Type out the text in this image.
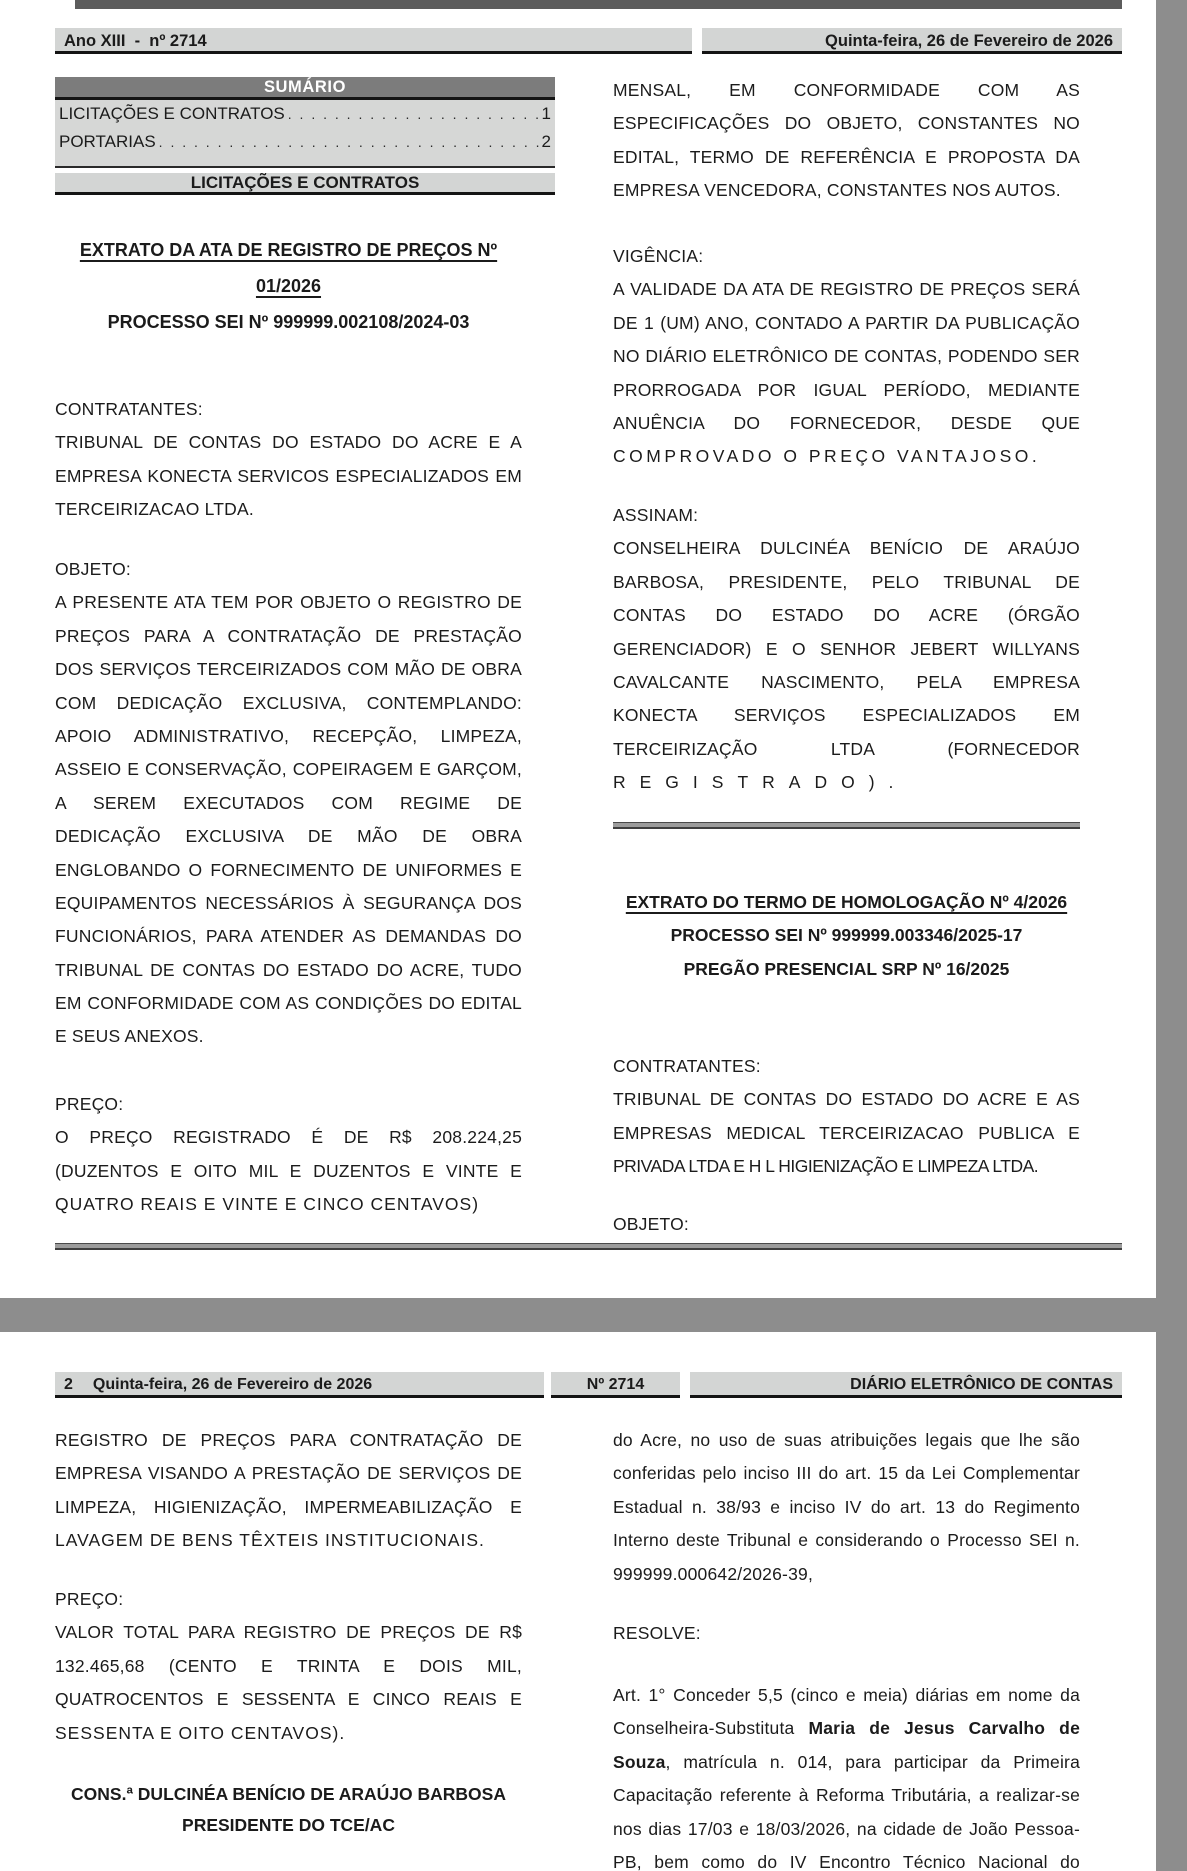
Ano XIII  -  nº 2714	Quinta-feira, 26 de Fevereiro de 2026
SUMÁRIO
LICITAÇÕES E CONTRATOS . . .	1
PORTARIAS . . .	2
LICITAÇÕES E CONTRATOS
EXTRATO DA ATA DE REGISTRO DE PREÇOS Nº
01/2026
PROCESSO SEI Nº 999999.002108/2024-03
CONTRATANTES:
TRIBUNAL DE CONTAS DO ESTADO DO ACRE E A
EMPRESA KONECTA SERVICOS ESPECIALIZADOS EM
TERCEIRIZACAO LTDA.
OBJETO:
A PRESENTE ATA TEM POR OBJETO O REGISTRO DE
PREÇOS PARA A CONTRATAÇÃO DE PRESTAÇÃO
DOS SERVIÇOS TERCEIRIZADOS COM MÃO DE OBRA
COM DEDICAÇÃO EXCLUSIVA, CONTEMPLANDO:
APOIO ADMINISTRATIVO, RECEPÇÃO, LIMPEZA,
ASSEIO E CONSERVAÇÃO, COPEIRAGEM E GARÇOM,
A SEREM EXECUTADOS COM REGIME DE
DEDICAÇÃO EXCLUSIVA DE MÃO DE OBRA
ENGLOBANDO O FORNECIMENTO DE UNIFORMES E
EQUIPAMENTOS NECESSÁRIOS À SEGURANÇA DOS
FUNCIONÁRIOS, PARA ATENDER AS DEMANDAS DO
TRIBUNAL DE CONTAS DO ESTADO DO ACRE, TUDO
EM CONFORMIDADE COM AS CONDIÇÕES DO EDITAL
E SEUS ANEXOS.
PREÇO:
O PREÇO REGISTRADO É DE R$ 208.224,25
(DUZENTOS E OITO MIL E DUZENTOS E VINTE E
QUATRO REAIS E VINTE E CINCO CENTAVOS)
MENSAL, EM CONFORMIDADE COM AS
ESPECIFICAÇÕES DO OBJETO, CONSTANTES NO
EDITAL, TERMO DE REFERÊNCIA E PROPOSTA DA
EMPRESA VENCEDORA, CONSTANTES NOS AUTOS.
VIGÊNCIA:
A VALIDADE DA ATA DE REGISTRO DE PREÇOS SERÁ
DE 1 (UM) ANO, CONTADO A PARTIR DA PUBLICAÇÃO
NO DIÁRIO ELETRÔNICO DE CONTAS, PODENDO SER
PRORROGADA POR IGUAL PERÍODO, MEDIANTE
ANUÊNCIA DO FORNECEDOR, DESDE QUE
COMPROVADO O PREÇO VANTAJOSO.
ASSINAM:
CONSELHEIRA DULCINÉA BENÍCIO DE ARAÚJO
BARBOSA, PRESIDENTE, PELO TRIBUNAL DE
CONTAS DO ESTADO DO ACRE (ÓRGÃO
GERENCIADOR) E O SENHOR JEBERT WILLYANS
CAVALCANTE NASCIMENTO, PELA EMPRESA
KONECTA SERVIÇOS ESPECIALIZADOS EM
TERCEIRIZAÇÃO LTDA (FORNECEDOR
REGISTRADO).
EXTRATO DO TERMO DE HOMOLOGAÇÃO Nº 4/2026
PROCESSO SEI Nº 999999.003346/2025-17
PREGÃO PRESENCIAL SRP Nº 16/2025
CONTRATANTES:
TRIBUNAL DE CONTAS DO ESTADO DO ACRE E AS
EMPRESAS MEDICAL TERCEIRIZACAO PUBLICA E
PRIVADA LTDA E H L HIGIENIZAÇÃO E LIMPEZA LTDA.
OBJETO:
2 Quinta-feira, 26 de Fevereiro de 2026	Nº 2714	DIÁRIO ELETRÔNICO DE CONTAS
REGISTRO DE PREÇOS PARA CONTRATAÇÃO DE
EMPRESA VISANDO A PRESTAÇÃO DE SERVIÇOS DE
LIMPEZA, HIGIENIZAÇÃO, IMPERMEABILIZAÇÃO E
LAVAGEM DE BENS TÊXTEIS INSTITUCIONAIS.
PREÇO:
VALOR TOTAL PARA REGISTRO DE PREÇOS DE R$
132.465,68 (CENTO E TRINTA E DOIS MIL,
QUATROCENTOS E SESSENTA E CINCO REAIS E
SESSENTA E OITO CENTAVOS).
CONS.ª DULCINÉA BENÍCIO DE ARAÚJO BARBOSA
PRESIDENTE DO TCE/AC
do Acre, no uso de suas atribuições legais que lhe são
conferidas pelo inciso III do art. 15 da Lei Complementar
Estadual n. 38/93 e inciso IV do art. 13 do Regimento
Interno deste Tribunal e considerando o Processo SEI n.
999999.000642/2026-39,
RESOLVE:
Art. 1° Conceder 5,5 (cinco e meia) diárias em nome da
Conselheira-Substituta Maria de Jesus Carvalho de
Souza, matrícula n. 014, para participar da Primeira
Capacitação referente à Reforma Tributária, a realizar-se
nos dias 17/03 e 18/03/2026, na cidade de João Pessoa-
PB, bem como do IV Encontro Técnico Nacional do
